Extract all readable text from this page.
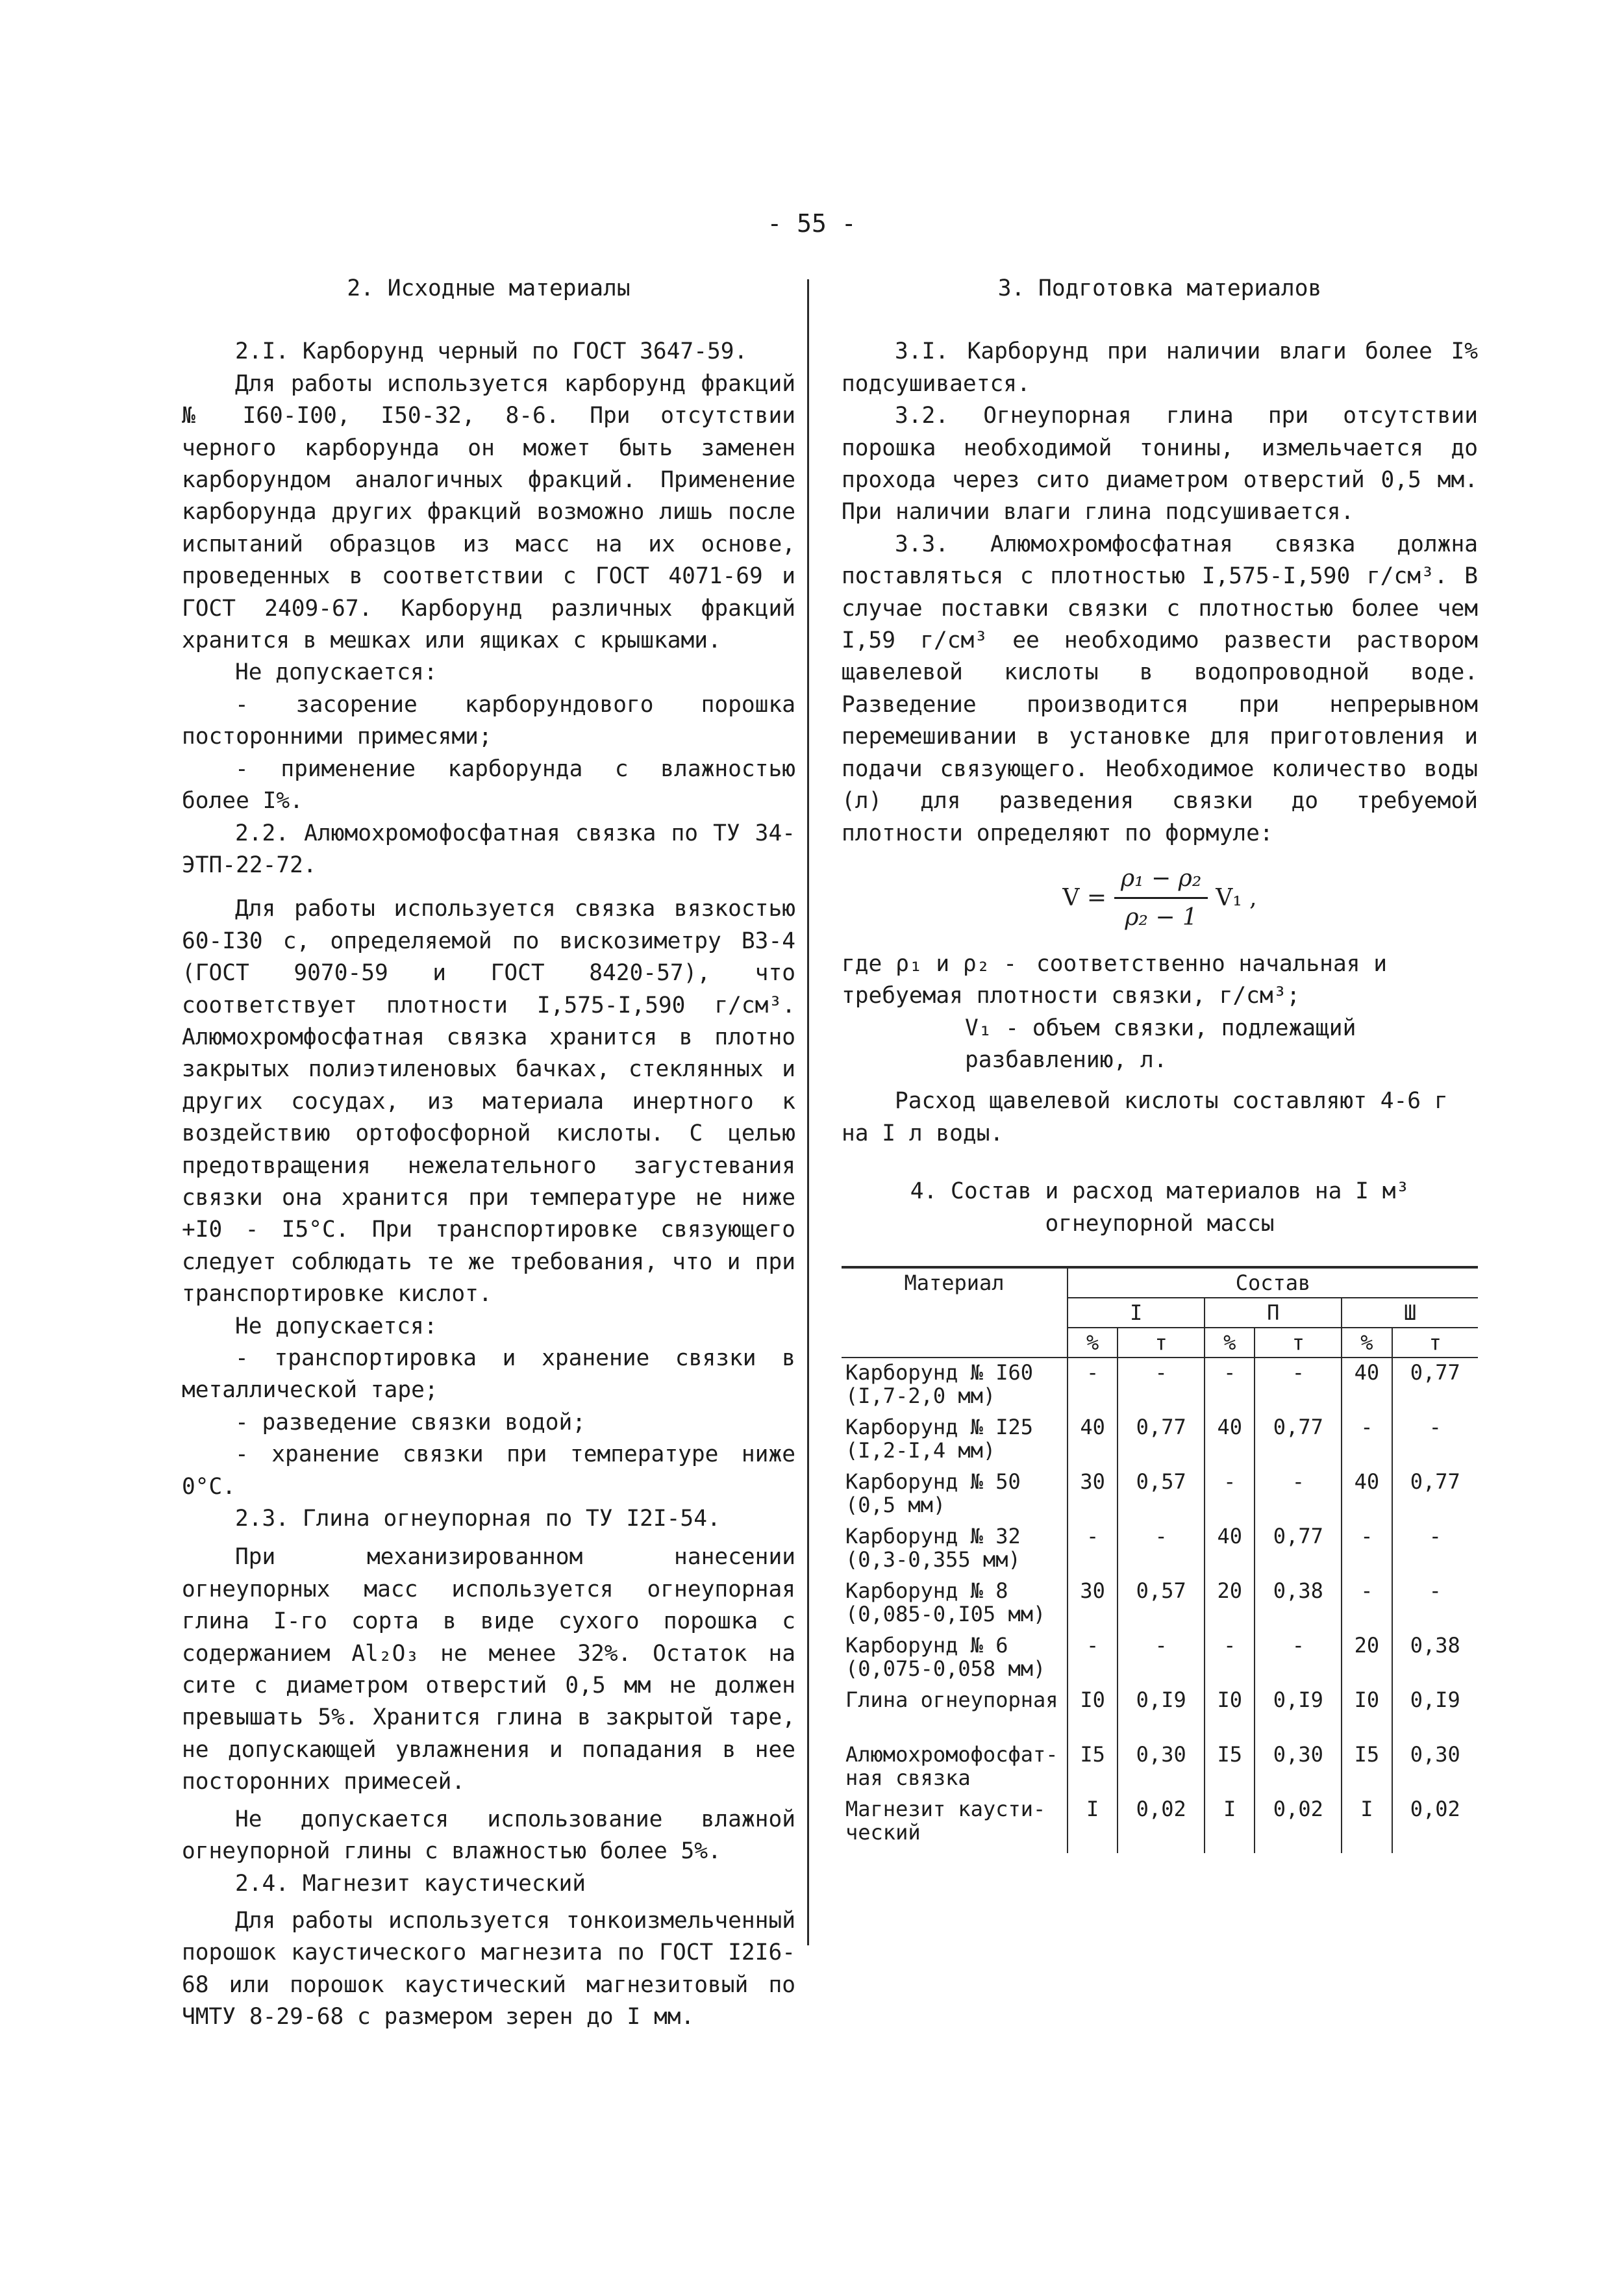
- 55 -

2. Исходные материалы

2.I. Карборунд черный по ГОСТ 3647-59.

Для работы используется карборунд фракций № I60-I00, I50-32, 8-6. При отсутствии черного карборунда он может быть заменен карборундом аналогичных фракций. Применение карборунда других фракций возможно лишь после испытаний образцов из масс на их основе, проведенных в соответствии с ГОСТ 4071-69 и ГОСТ 2409-67. Карборунд различных фракций хранится в мешках или ящиках с крышками.

Не допускается:

- засорение карборундового порошка посторонними примесями;

- применение карборунда с влажностью более I%.

2.2. Алюмохромофосфатная связка по ТУ 34-ЭТП-22-72.

Для работы используется связка вязкостью 60-I30 с, определяемой по вискозиметру ВЗ-4 (ГОСТ 9070-59 и ГОСТ 8420-57), что соответствует плотности I,575-I,590 г/см³. Алюмохромфосфатная связка хранится в плотно закрытых полиэтиленовых бачках, стеклянных и других сосудах, из материала инертного к воздействию ортофосфорной кислоты. С целью предотвращения нежелательного загустевания связки она хранится при температуре не ниже +I0 - I5°С. При транспортировке связующего следует соблюдать те же требования, что и при транспортировке кислот.

Не допускается:

- транспортировка и хранение связки в металлической таре;

- разведение связки водой;

- хранение связки при температуре ниже 0°С.

2.3. Глина огнеупорная по ТУ I2I-54.

При механизированном нанесении огнеупорных масс используется огнеупорная глина I-го сорта в виде сухого порошка с содержанием Al₂O₃ не менее 32%. Остаток на сите с диаметром отверстий 0,5 мм не должен превышать 5%. Хранится глина в закрытой таре, не допускающей увлажнения и попадания в нее посторонних примесей.

Не допускается использование влажной огнеупорной глины с влажностью более 5%.

2.4. Магнезит каустический

Для работы используется тонкоизмельченный порошок каустического магнезита по ГОСТ I2I6-68 или порошок каустический магнезитовый по ЧМТУ 8-29-68 с размером зерен до I мм.

3. Подготовка материалов

3.I. Карборунд при наличии влаги более I% подсушивается.

3.2. Огнеупорная глина при отсутствии порошка необходимой тонины, измельчается до прохода через сито диаметром отверстий 0,5 мм. При наличии влаги глина подсушивается.

3.3. Алюмохромфосфатная связка должна поставляться с плотностью I,575-I,590 г/см³. В случае поставки связки с плотностью более чем I,59 г/см³ ее необходимо развести раствором щавелевой кислоты в водопроводной воде. Разведение производится при непрерывном перемешивании в установке для приготовления и подачи связующего. Необходимое количество воды (л) для разведения связки до требуемой плотности определяют по формуле:

$V = \frac{\text{ρ₁ − ρ₂}}{\text{ρ₂ − 1}} V_1$ ,

где ρ₁ и ρ₂ - соответственно начальная и требуемая плотности связки, г/см³;

V₁ - объем связки, подлежащий разбавлению, л.

Расход щавелевой кислоты составляют 4-6 г на I л воды.

4. Состав и расход материалов на I м³

огнеупорной массы

Материал	Состав					
	I		П		Ш	
	%	т	%	т	%	т

Карборунд № I60
(I,7-2,0 мм)	-	-	-	-	40	0,77

Карборунд № I25
(I,2-I,4 мм)	40	0,77	40	0,77	-	-

Карборунд № 50
(0,5 мм)	30	0,57	-	-	40	0,77

Карборунд № 32
(0,3-0,355 мм)	-	-	40	0,77	-	-

Карборунд № 8
(0,085-0,I05 мм)	30	0,57	20	0,38	-	-

Карборунд № 6
(0,075-0,058 мм)	-	-	-	-	20	0,38

Глина огнеупорная	I0	0,I9	I0	0,I9	I0	0,I9

Алюмохромофосфат-
ная связка	I5	0,30	I5	0,30	I5	0,30

Магнезит каусти-
ческий	I	0,02	I	0,02	I	0,02
